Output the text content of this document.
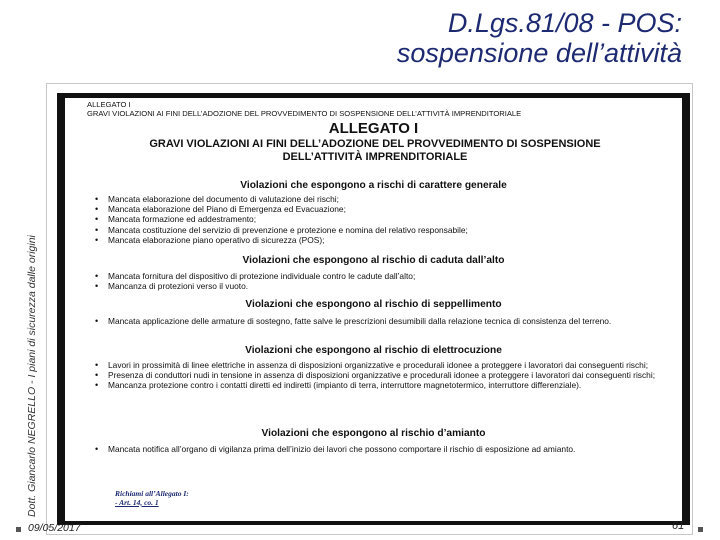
D.Lgs.81/08 - POS:
sospensione dell’attività
Dott. Giancarlo NEGRELLO - I piani di sicurezza dalle origini
ALLEGATO I
GRAVI VIOLAZIONI AI FINI DELL’ADOZIONE DEL PROVVEDIMENTO DI SOSPENSIONE DELL’ATTIVITÀ IMPRENDITORIALE
ALLEGATO I
GRAVI VIOLAZIONI AI FINI DELL’ADOZIONE DEL PROVVEDIMENTO DI SOSPENSIONE
DELL’ATTIVITÀ IMPRENDITORIALE
Violazioni che espongono a rischi di carattere generale
• Mancata elaborazione del documento di valutazione dei rischi;
• Mancata elaborazione del Piano di Emergenza ed Evacuazione;
• Mancata formazione ed addestramento;
• Mancata costituzione del servizio di prevenzione e protezione e nomina del relativo responsabile;
• Mancata elaborazione piano operativo di sicurezza (POS);
Violazioni che espongono al rischio di caduta dall’alto
• Mancata fornitura del dispositivo di protezione individuale contro le cadute dall’alto;
• Mancanza di protezioni verso il vuoto.
Violazioni che espongono al rischio di seppellimento
• Mancata applicazione delle armature di sostegno, fatte salve le prescrizioni desumibili dalla relazione tecnica di consistenza del terreno.
Violazioni che espongono al rischio di elettrocuzione
• Lavori in prossimità di linee elettriche in assenza di disposizioni organizzative e procedurali idonee a proteggere i lavoratori dai conseguenti rischi;
• Presenza di conduttori nudi in tensione in assenza di disposizioni organizzative e procedurali idonee a proteggere i lavoratori dai conseguenti rischi;
• Mancanza protezione contro i contatti diretti ed indiretti (impianto di terra, interruttore magnetotermico, interruttore differenziale).
Violazioni che espongono al rischio d’amianto
• Mancata notifica all’organo di vigilanza prima dell’inizio dei lavori che possono comportare il rischio di esposizione ad amianto.
Richiami all’Allegato I:
- Art. 14, co. 1
09/05/2017	61
